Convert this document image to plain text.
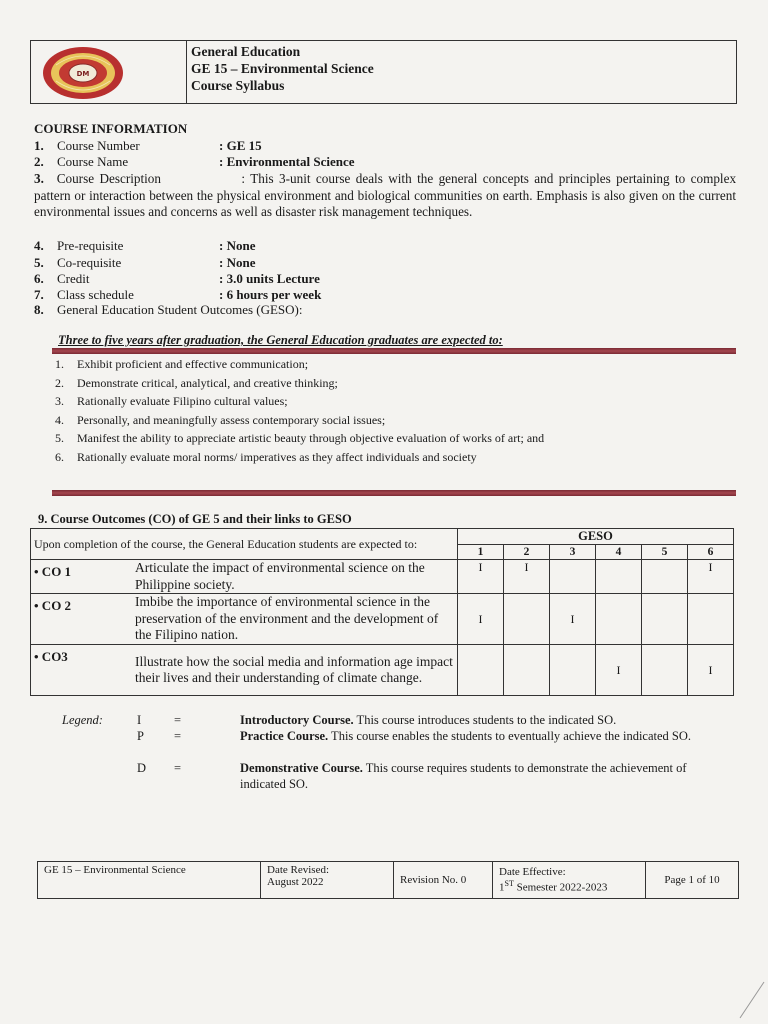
DM
General Education
GE 15 – Environmental Science
Course Syllabus
COURSE INFORMATION
1. Course Number	: GE 15
2. Course Name	: Environmental Science
3. Course Description	: This 3-unit course deals with the general concepts and principles pertaining to complex pattern or interaction between the physical environment and biological communities on earth. Emphasis is also given on the current environmental issues and concerns as well as disaster risk management techniques.
4. Pre-requisite	: None
5. Co-requisite	: None
6. Credit	: 3.0 units Lecture
7. Class schedule	: 6 hours per week
8. General Education Student Outcomes (GESO):
Three to five years after graduation, the General Education graduates are expected to:
1. Exhibit proficient and effective communication;
2. Demonstrate critical, analytical, and creative thinking;
3. Rationally evaluate Filipino cultural values;
4. Personally, and meaningfully assess contemporary social issues;
5. Manifest the ability to appreciate artistic beauty through objective evaluation of works of art; and
6. Rationally evaluate moral norms/ imperatives as they affect individuals and society
9. Course Outcomes (CO) of GE 5 and their links to GESO
Upon completion of the course, the General Education students are expected to:		GESO					
		1	2	3	4	5	6
• CO 1	Articulate the impact of environmental science on the Philippine society.	I	I				I
• CO 2	Imbibe the importance of environmental science in the preservation of the environment and the development of the Filipino nation.	I		I			
• CO3	Illustrate how the social media and information age impact their lives and their understanding of climate change.				I		I
Legend:	I	=	Introductory Course. This course introduces students to the indicated SO.
P =	Practice Course. This course enables the students to eventually achieve the indicated SO.
D =	Demonstrative Course. This course requires students to demonstrate the achievement of indicated SO.
GE 15 – Environmental Science	Date Revised:
August 2022	Revision No. 0	
Date Effective:
1ST Semester 2022-2023
	Page 1 of 10
